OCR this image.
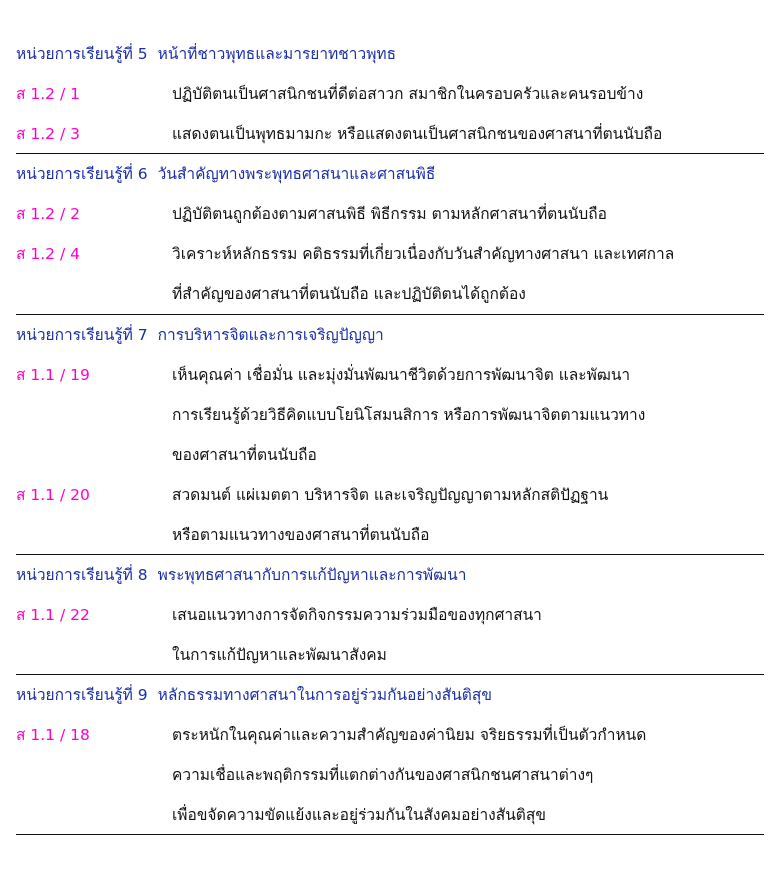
หน่วยการเรียนรู้ที่ 5 หน้าที่ชาวพุทธและมารยาทชาวพุทธ
ส 1.2 / 1	ปฏิบัติตนเป็นศาสนิกชนที่ดีต่อสาวก สมาชิกในครอบครัวและคนรอบข้าง
ส 1.2 / 3	แสดงตนเป็นพุทธมามกะ หรือแสดงตนเป็นศาสนิกชนของศาสนาที่ตนนับถือ
หน่วยการเรียนรู้ที่ 6 วันสำคัญทางพระพุทธศาสนาและศาสนพิธี
ส 1.2 / 2	ปฏิบัติตนถูกต้องตามศาสนพิธี พิธีกรรม ตามหลักศาสนาที่ตนนับถือ
ส 1.2 / 4	วิเคราะห์หลักธรรม คติธรรมที่เกี่ยวเนื่องกับวันสำคัญทางศาสนา และเทศกาล
ที่สำคัญของศาสนาที่ตนนับถือ และปฏิบัติตนได้ถูกต้อง
หน่วยการเรียนรู้ที่ 7 การบริหารจิตและการเจริญปัญญา
ส 1.1 / 19	เห็นคุณค่า เชื่อมั่น และมุ่งมั่นพัฒนาชีวิตด้วยการพัฒนาจิต และพัฒนา
การเรียนรู้ด้วยวิธีคิดแบบโยนิโสมนสิการ หรือการพัฒนาจิตตามแนวทาง
ของศาสนาที่ตนนับถือ
ส 1.1 / 20	สวดมนต์ แผ่เมตตา บริหารจิต และเจริญปัญญาตามหลักสติปัฏฐาน
หรือตามแนวทางของศาสนาที่ตนนับถือ
หน่วยการเรียนรู้ที่ 8 พระพุทธศาสนากับการแก้ปัญหาและการพัฒนา
ส 1.1 / 22	เสนอแนวทางการจัดกิจกรรมความร่วมมือของทุกศาสนา
ในการแก้ปัญหาและพัฒนาสังคม
หน่วยการเรียนรู้ที่ 9 หลักธรรมทางศาสนาในการอยู่ร่วมกันอย่างสันติสุข
ส 1.1 / 18	ตระหนักในคุณค่าและความสำคัญของค่านิยม จริยธรรมที่เป็นตัวกำหนด
ความเชื่อและพฤติกรรมที่แตกต่างกันของศาสนิกชนศาสนาต่างๆ
เพื่อขจัดความขัดแย้งและอยู่ร่วมกันในสังคมอย่างสันติสุข
